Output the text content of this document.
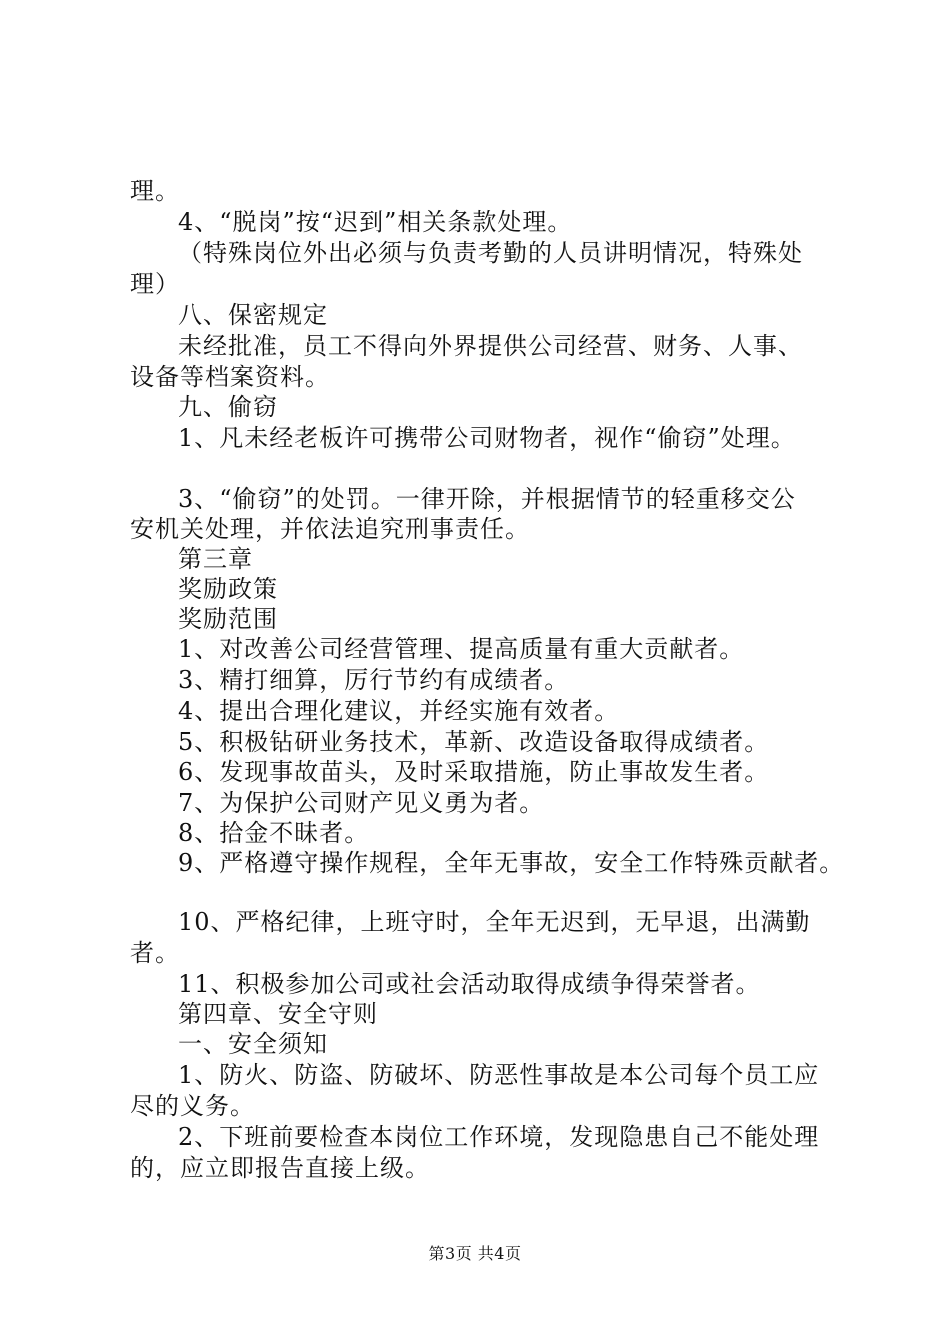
理。
4、“脱岗”按“迟到”相关条款处理。
（特殊岗位外出必须与负责考勤的人员讲明情况，特殊处
理）
八、保密规定
未经批准，员工不得向外界提供公司经营、财务、人事、
设备等档案资料。
九、偷窃
1、凡未经老板许可携带公司财物者，视作“偷窃”处理。
3、“偷窃”的处罚。一律开除，并根据情节的轻重移交公
安机关处理，并依法追究刑事责任。
第三章
奖励政策
奖励范围
1、对改善公司经营管理、提高质量有重大贡献者。
3、精打细算，厉行节约有成绩者。
4、提出合理化建议，并经实施有效者。
5、积极钻研业务技术，革新、改造设备取得成绩者。
6、发现事故苗头，及时采取措施，防止事故发生者。
7、为保护公司财产见义勇为者。
8、拾金不昧者。
9、严格遵守操作规程，全年无事故，安全工作特殊贡献者。
10、严格纪律，上班守时，全年无迟到，无早退，出满勤
者。
11、积极参加公司或社会活动取得成绩争得荣誉者。
第四章、安全守则
一、安全须知
1、防火、防盗、防破坏、防恶性事故是本公司每个员工应
尽的义务。
2、下班前要检查本岗位工作环境，发现隐患自己不能处理
的，应立即报告直接上级。
第3页 共4页
